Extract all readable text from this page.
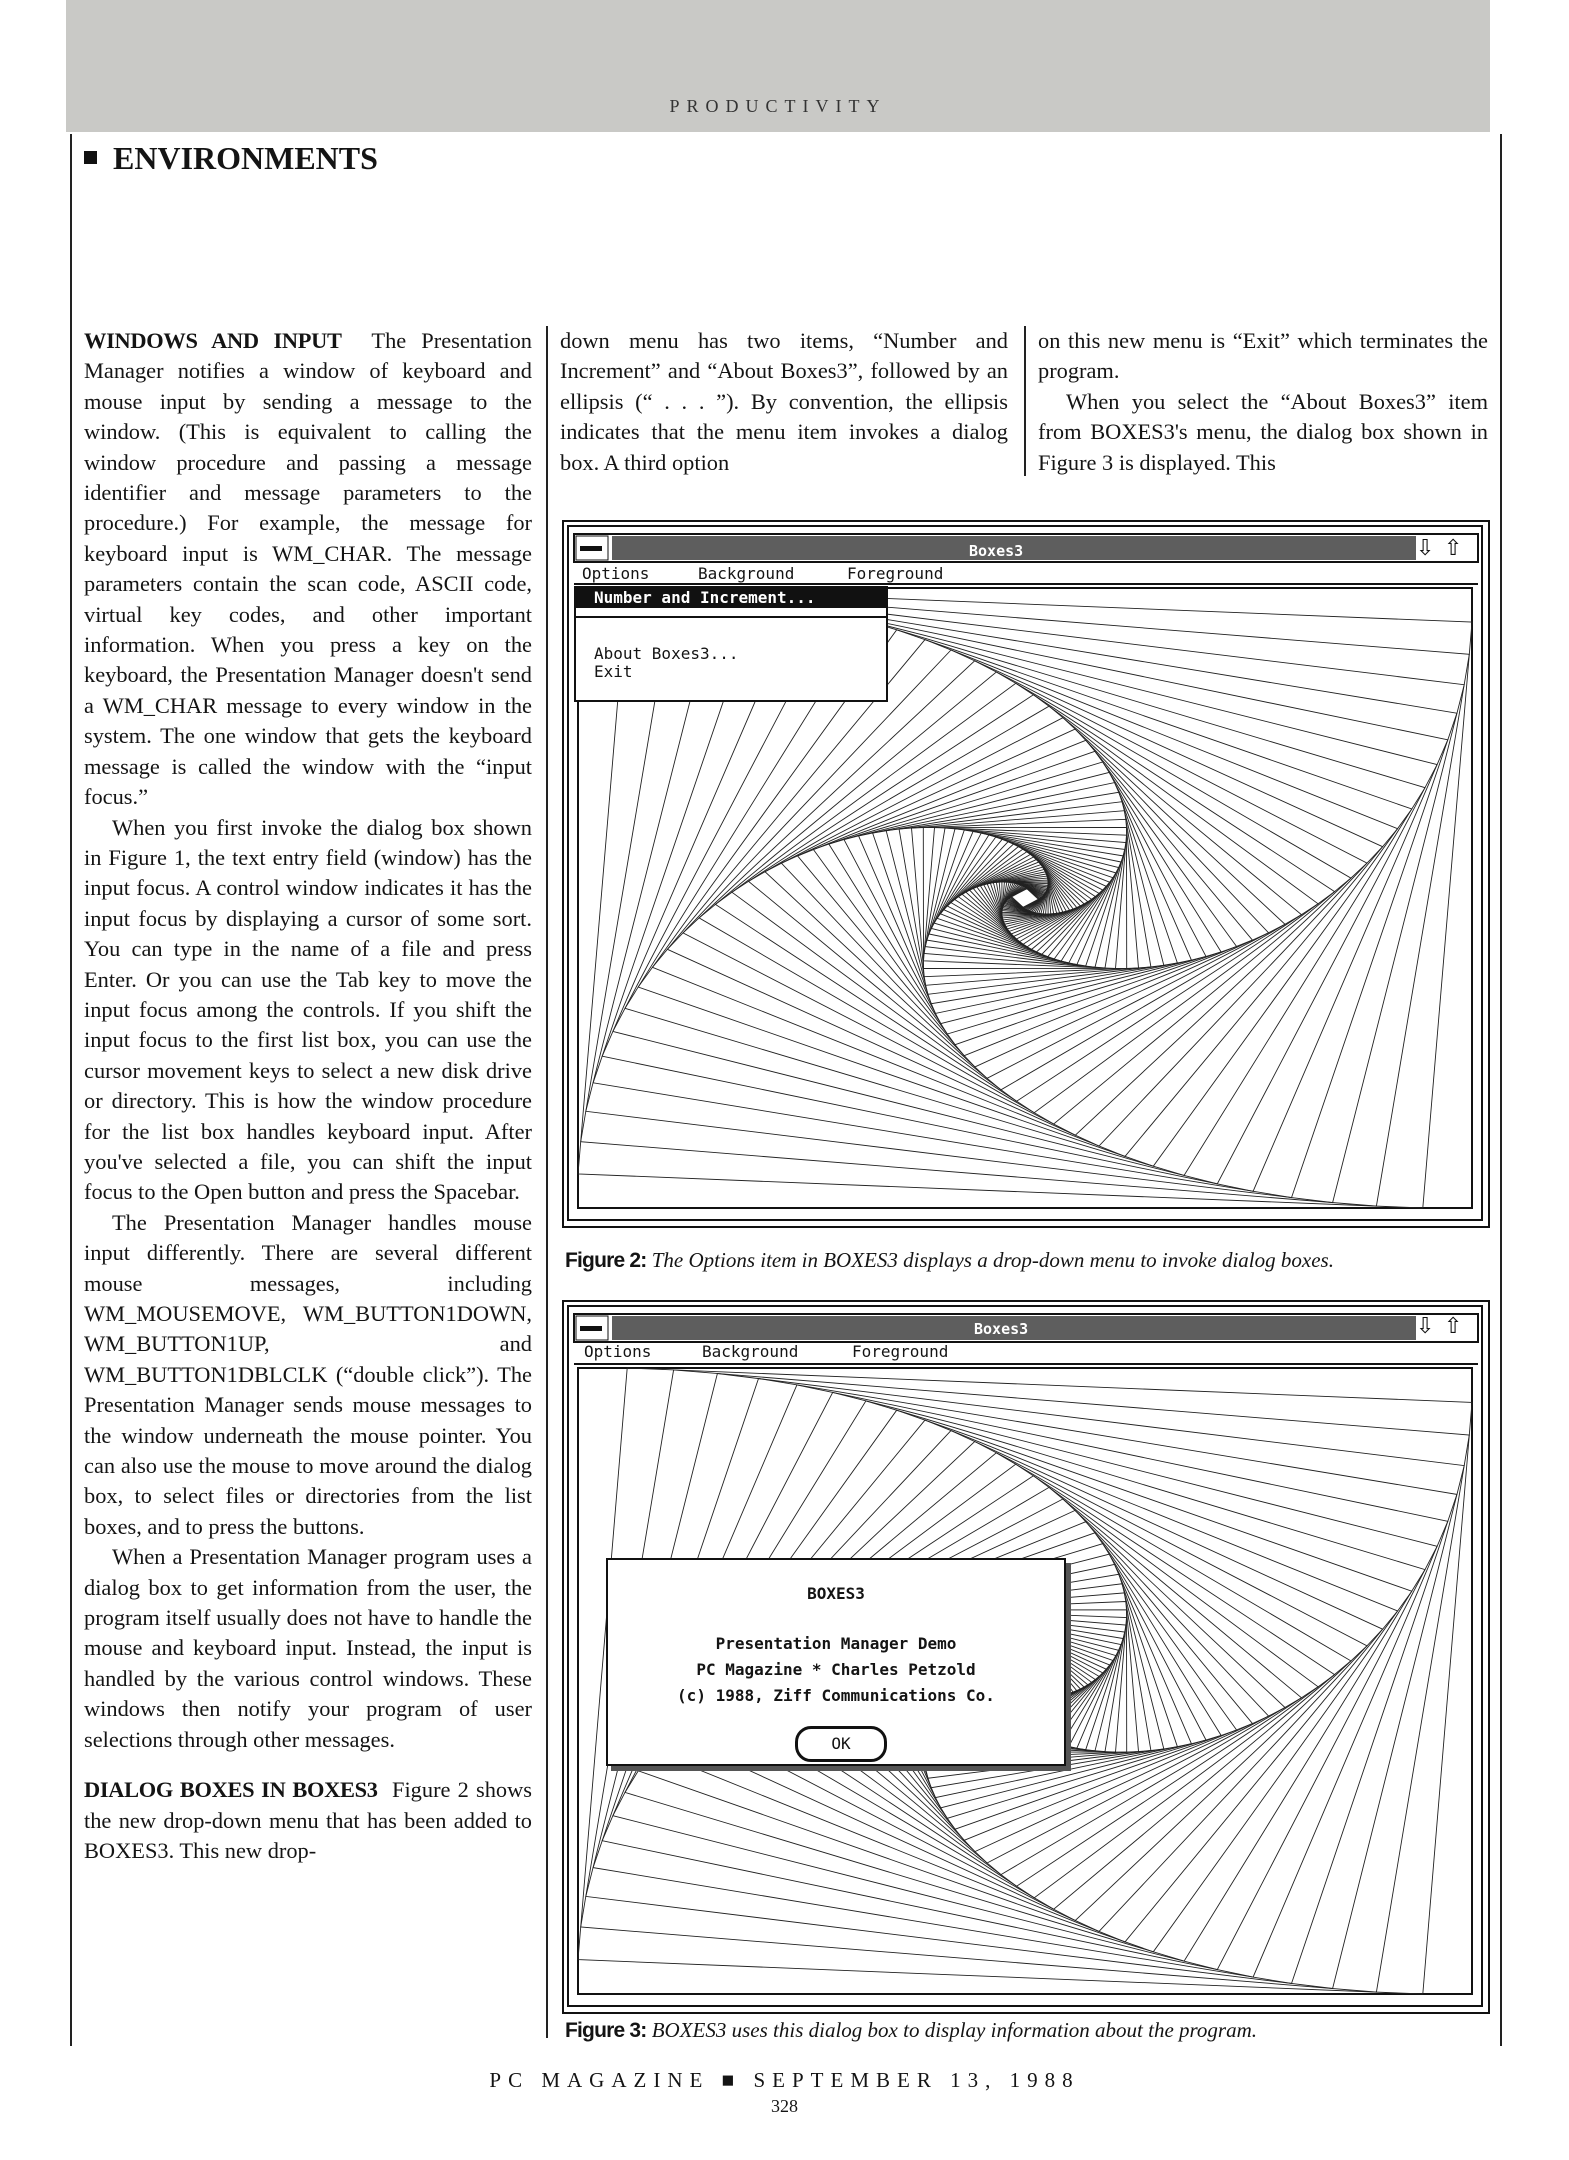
PRODUCTIVITY
ENVIRONMENTS

WINDOWS AND INPUT The Presentation Manager notifies a window of keyboard and mouse input by sending a message to the window. (This is equivalent to calling the window procedure and passing a message identifier and message parameters to the procedure.) For example, the message for keyboard input is WM_CHAR. The message parameters contain the scan code, ASCII code, virtual key codes, and other important information. When you press a key on the keyboard, the Presentation Manager doesn't send a WM_CHAR message to every window in the system. The one window that gets the keyboard message is called the window with the “input focus.”

When you first invoke the dialog box shown in Figure 1, the text entry field (window) has the input focus. A control window indicates it has the input focus by displaying a cursor of some sort. You can type in the name of a file and press Enter. Or you can use the Tab key to move the input focus among the controls. If you shift the input focus to the first list box, you can use the cursor movement keys to select a new disk drive or directory. This is how the window procedure for the list box handles keyboard input. After you've selected a file, you can shift the input focus to the Open button and press the Spacebar.

The Presentation Manager handles mouse input differently. There are several different mouse messages, including WM_MOUSEMOVE, WM_BUTTON1DOWN, WM_BUTTON1UP, and WM_BUTTON1DBLCLK (“double click”). The Presentation Manager sends mouse messages to the window underneath the mouse pointer. You can also use the mouse to move around the dialog box, to select files or directories from the list boxes, and to press the buttons.

When a Presentation Manager program uses a dialog box to get information from the user, the program itself usually does not have to handle the mouse and keyboard input. Instead, the input is handled by the various control windows. These windows then notify your program of user selections through other messages.

DIALOG BOXES IN BOXES3 Figure 2 shows the new drop-down menu that has been added to BOXES3. This new drop-

down menu has two items, “Number and Increment” and “About Boxes3”, followed by an ellipsis (“ . . . ”). By convention, the ellipsis indicates that the menu item invokes a dialog box. A third option

on this new menu is “Exit” which terminates the program.

When you select the “About Boxes3” item from BOXES3's menu, the dialog box shown in Figure 3 is displayed. This

Boxes3	⇩ ⇧
Options	Background	Foreground
Number and Increment...
About Boxes3...
Exit
Figure 2: The Options item in BOXES3 displays a drop-down menu to invoke dialog boxes.
Boxes3	⇩ ⇧
Options	Background	Foreground
BOXES3
Presentation Manager Demo
PC Magazine * Charles Petzold
(c) 1988, Ziff Communications Co.
OK
Figure 3: BOXES3 uses this dialog box to display information about the program.
PC MAGAZINE ■ SEPTEMBER 13, 1988
328
